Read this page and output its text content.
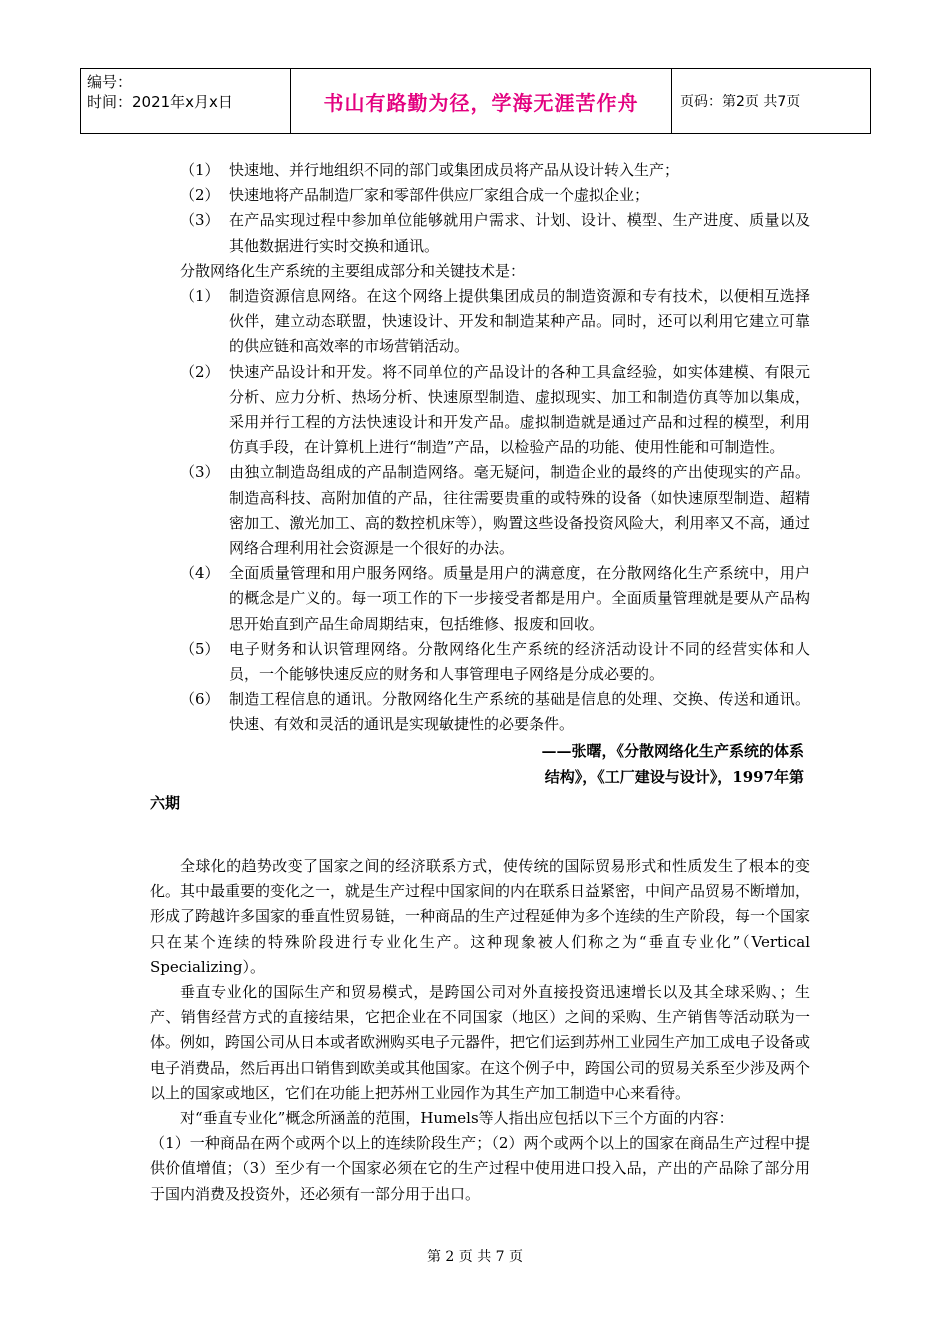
编号：
时间：2021年x月x日	书山有路勤为径，学海无涯苦作舟	页码：第2页 共7页
（1） 快速地、并行地组织不同的部门或集团成员将产品从设计转入生产；
（2） 快速地将产品制造厂家和零部件供应厂家组合成一个虚拟企业；
（3） 在产品实现过程中参加单位能够就用户需求、计划、设计、模型、生产进度、质量以及其他数据进行实时交换和通讯。
分散网络化生产系统的主要组成部分和关键技术是：
（1） 制造资源信息网络。在这个网络上提供集团成员的制造资源和专有技术，以便相互选择伙伴，建立动态联盟，快速设计、开发和制造某种产品。同时，还可以利用它建立可靠的供应链和高效率的市场营销活动。
（2） 快速产品设计和开发。将不同单位的产品设计的各种工具盒经验，如实体建模、有限元分析、应力分析、热场分析、快速原型制造、虚拟现实、加工和制造仿真等加以集成，采用并行工程的方法快速设计和开发产品。虚拟制造就是通过产品和过程的模型，利用仿真手段，在计算机上进行“制造”产品，以检验产品的功能、使用性能和可制造性。
（3） 由独立制造岛组成的产品制造网络。毫无疑问，制造企业的最终的产出使现实的产品。制造高科技、高附加值的产品，往往需要贵重的或特殊的设备（如快速原型制造、超精密加工、激光加工、高的数控机床等），购置这些设备投资风险大，利用率又不高，通过网络合理利用社会资源是一个很好的办法。
（4） 全面质量管理和用户服务网络。质量是用户的满意度，在分散网络化生产系统中，用户的概念是广义的。每一项工作的下一步接受者都是用户。全面质量管理就是要从产品构思开始直到产品生命周期结束，包括维修、报废和回收。
（5） 电子财务和认识管理网络。分散网络化生产系统的经济活动设计不同的经营实体和人员，一个能够快速反应的财务和人事管理电子网络是分成必要的。
（6） 制造工程信息的通讯。分散网络化生产系统的基础是信息的处理、交换、传送和通讯。快速、有效和灵活的通讯是实现敏捷性的必要条件。
——张曙，《分散网络化生产系统的体系
结构》，《工厂建设与设计》，1997年第
六期

全球化的趋势改变了国家之间的经济联系方式，使传统的国际贸易形式和性质发生了根本的变化。其中最重要的变化之一，就是生产过程中国家间的内在联系日益紧密，中间产品贸易不断增加，形成了跨越许多国家的垂直性贸易链，一种商品的生产过程延伸为多个连续的生产阶段，每一个国家只在某个连续的特殊阶段进行专业化生产。这种现象被人们称之为“垂直专业化”（Vertical Specializing）。

垂直专业化的国际生产和贸易模式，是跨国公司对外直接投资迅速增长以及其全球采购、；生产、销售经营方式的直接结果，它把企业在不同国家（地区）之间的采购、生产销售等活动联为一体。例如，跨国公司从日本或者欧洲购买电子元器件，把它们运到苏州工业园生产加工成电子设备或电子消费品，然后再出口销售到欧美或其他国家。在这个例子中，跨国公司的贸易关系至少涉及两个以上的国家或地区，它们在功能上把苏州工业园作为其生产加工制造中心来看待。

对“垂直专业化”概念所涵盖的范围，Humels等人指出应包括以下三个方面的内容：

（1）一种商品在两个或两个以上的连续阶段生产；（2）两个或两个以上的国家在商品生产过程中提供价值增值；（3）至少有一个国家必须在它的生产过程中使用进口投入品，产出的产品除了部分用于国内消费及投资外，还必须有一部分用于出口。

第 2 页 共 7 页
